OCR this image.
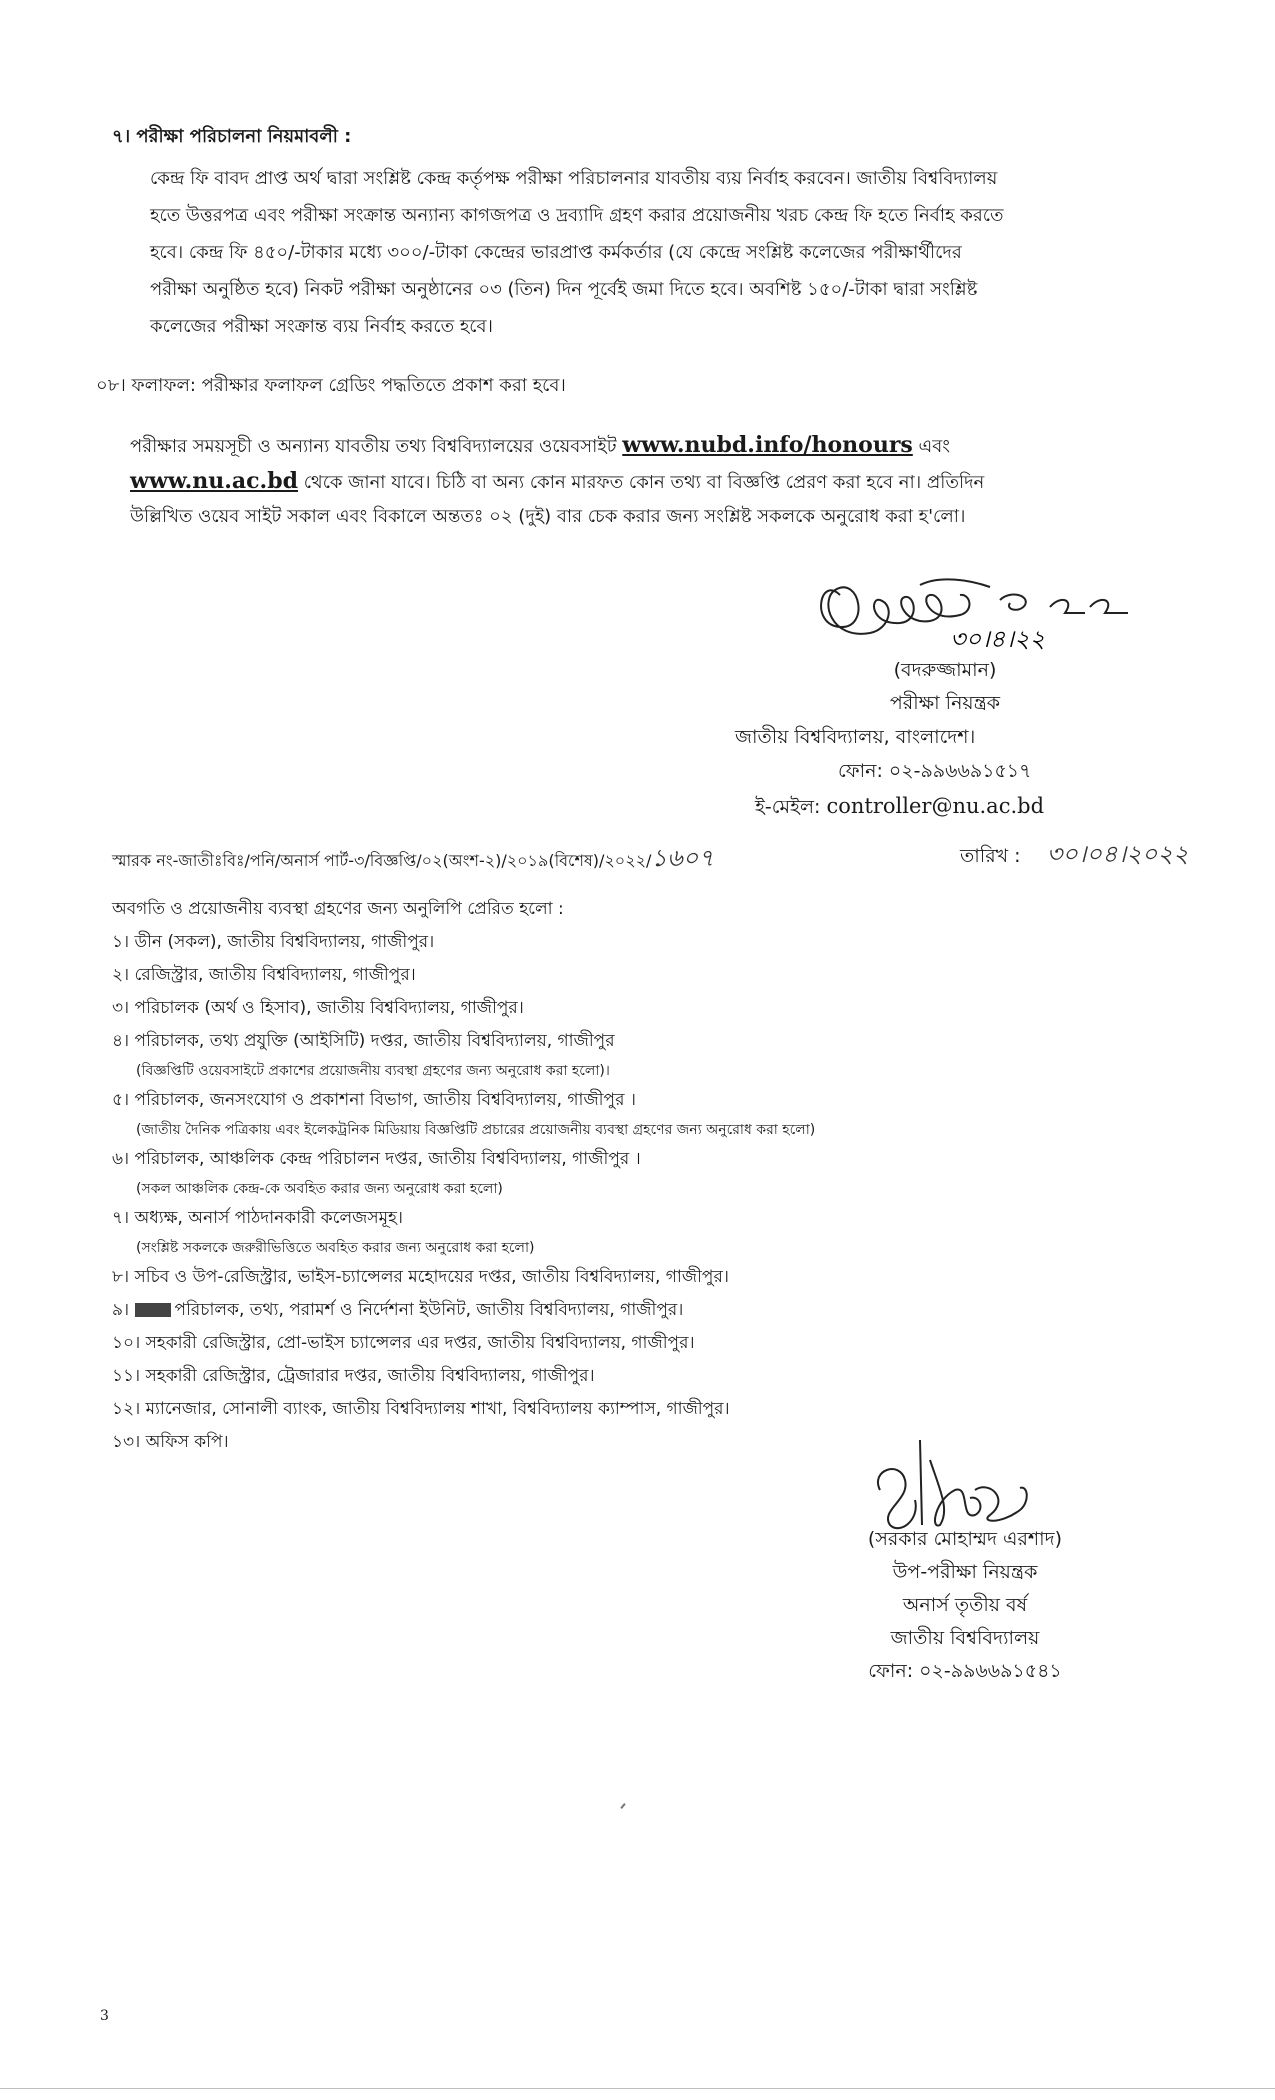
৭। পরীক্ষা পরিচালনা নিয়মাবলী :
কেন্দ্র ফি বাবদ প্রাপ্ত অর্থ দ্বারা সংশ্লিষ্ট কেন্দ্র কর্তৃপক্ষ পরীক্ষা পরিচালনার যাবতীয় ব্যয় নির্বাহ করবেন। জাতীয় বিশ্ববিদ্যালয়
হতে উত্তরপত্র এবং পরীক্ষা সংক্রান্ত অন্যান্য কাগজপত্র ও দ্রব্যাদি গ্রহণ করার প্রয়োজনীয় খরচ কেন্দ্র ফি হতে নির্বাহ করতে
হবে। কেন্দ্র ফি ৪৫০/-টাকার মধ্যে ৩০০/-টাকা কেন্দ্রের ভারপ্রাপ্ত কর্মকর্তার (যে কেন্দ্রে সংশ্লিষ্ট কলেজের পরীক্ষার্থীদের
পরীক্ষা অনুষ্ঠিত হবে) নিকট পরীক্ষা অনুষ্ঠানের ০৩ (তিন) দিন পূর্বেই জমা দিতে হবে। অবশিষ্ট ১৫০/-টাকা দ্বারা সংশ্লিষ্ট
কলেজের পরীক্ষা সংক্রান্ত ব্যয় নির্বাহ করতে হবে।
০৮। ফলাফল: পরীক্ষার ফলাফল গ্রেডিং পদ্ধতিতে প্রকাশ করা হবে।
পরীক্ষার সময়সূচী ও অন্যান্য যাবতীয় তথ্য বিশ্ববিদ্যালয়ের ওয়েবসাইট www.nubd.info/honours এবং
www.nu.ac.bd থেকে জানা যাবে। চিঠি বা অন্য কোন মারফত কোন তথ্য বা বিজ্ঞপ্তি প্রেরণ করা হবে না। প্রতিদিন
উল্লিখিত ওয়েব সাইট সকাল এবং বিকালে অন্ততঃ ০২ (দুই) বার চেক করার জন্য সংশ্লিষ্ট সকলকে অনুরোধ করা হ'লো।
৩০।৪।২২
(বদরুজ্জামান)
পরীক্ষা নিয়ন্ত্রক
জাতীয় বিশ্ববিদ্যালয়, বাংলাদেশ।
ফোন: ০২-৯৯৬৬৯১৫১৭
ই-মেইল: controller@nu.ac.bd
স্মারক নং-জাতীঃবিঃ/পনি/অনার্স পার্ট-৩/বিজ্ঞপ্তি/০২(অংশ-২)/২০১৯(বিশেষ)/২০২২/১৬০৭	তারিখ : ৩০।০৪।২০২২
অবগতি ও প্রয়োজনীয় ব্যবস্থা গ্রহণের জন্য অনুলিপি প্রেরিত হলো :
১। ডীন (সকল), জাতীয় বিশ্ববিদ্যালয়, গাজীপুর।
২। রেজিস্ট্রার, জাতীয় বিশ্ববিদ্যালয়, গাজীপুর।
৩। পরিচালক (অর্থ ও হিসাব), জাতীয় বিশ্ববিদ্যালয়, গাজীপুর।
৪। পরিচালক, তথ্য প্রযুক্তি (আইসিটি) দপ্তর, জাতীয় বিশ্ববিদ্যালয়, গাজীপুর
(বিজ্ঞপ্তিটি ওয়েবসাইটে প্রকাশের প্রয়োজনীয় ব্যবস্থা গ্রহণের জন্য অনুরোধ করা হলো)।
৫। পরিচালক, জনসংযোগ ও প্রকাশনা বিভাগ, জাতীয় বিশ্ববিদ্যালয়, গাজীপুর ।
(জাতীয় দৈনিক পত্রিকায় এবং ইলেকট্রনিক মিডিয়ায় বিজ্ঞপ্তিটি প্রচারের প্রয়োজনীয় ব্যবস্থা গ্রহণের জন্য অনুরোধ করা হলো)
৬। পরিচালক, আঞ্চলিক কেন্দ্র পরিচালন দপ্তর, জাতীয় বিশ্ববিদ্যালয়, গাজীপুর ।
(সকল আঞ্চলিক কেন্দ্র-কে অবহিত করার জন্য অনুরোধ করা হলো)
৭। অধ্যক্ষ, অনার্স পাঠদানকারী কলেজসমূহ।
(সংশ্লিষ্ট সকলকে জরুরীভিত্তিতে অবহিত করার জন্য অনুরোধ করা হলো)
৮। সচিব ও উপ-রেজিস্ট্রার, ভাইস-চ্যান্সেলর মহোদয়ের দপ্তর, জাতীয় বিশ্ববিদ্যালয়, গাজীপুর।
৯।	পরিচালক, তথ্য, পরামর্শ ও নির্দেশনা ইউনিট, জাতীয় বিশ্ববিদ্যালয়, গাজীপুর।
১০। সহকারী রেজিস্ট্রার, প্রো-ভাইস চ্যান্সেলর এর দপ্তর, জাতীয় বিশ্ববিদ্যালয়, গাজীপুর।
১১। সহকারী রেজিস্ট্রার, ট্রেজারার দপ্তর, জাতীয় বিশ্ববিদ্যালয়, গাজীপুর।
১২। ম্যানেজার, সোনালী ব্যাংক, জাতীয় বিশ্ববিদ্যালয় শাখা, বিশ্ববিদ্যালয় ক্যাম্পাস, গাজীপুর।
১৩। অফিস কপি।
(সরকার মোহাম্মদ এরশাদ)
উপ-পরীক্ষা নিয়ন্ত্রক
অনার্স তৃতীয় বর্ষ
জাতীয় বিশ্ববিদ্যালয়
ফোন: ০২-৯৯৬৬৯১৫৪১
3
